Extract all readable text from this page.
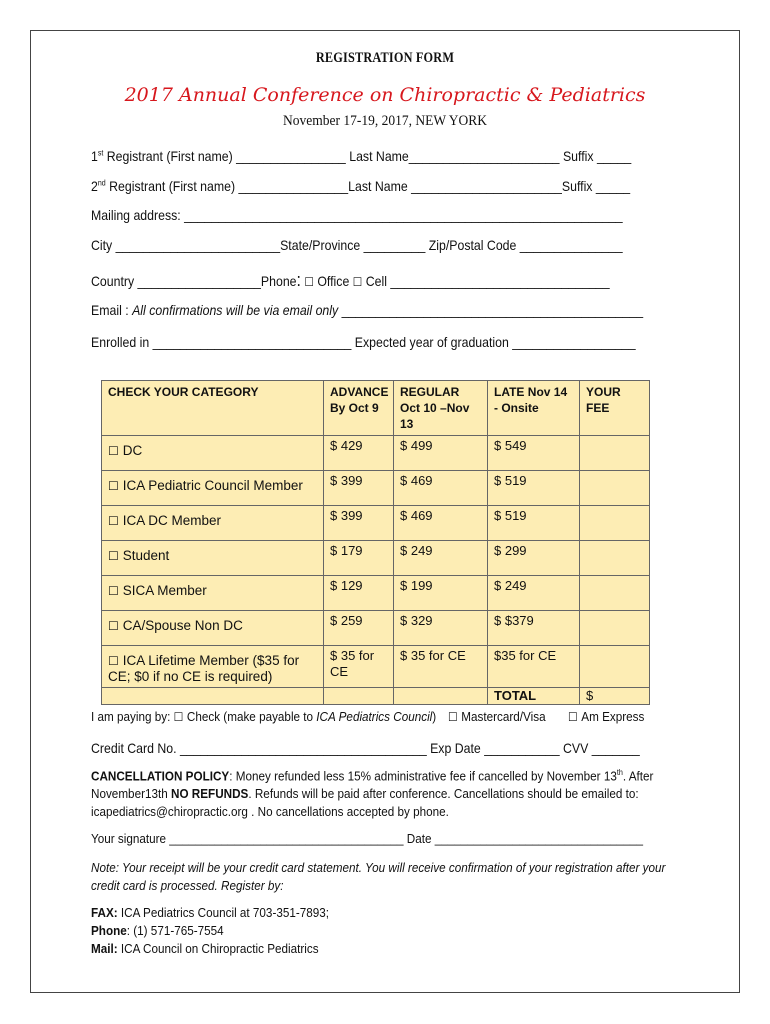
REGISTRATION FORM
2017 Annual Conference on Chiropractic & Pediatrics
November 17-19, 2017, NEW YORK
1st Registrant (First name) ________________ Last Name______________________ Suffix _____
2nd Registrant (First name) ________________Last Name ______________________Suffix _____
Mailing address: ________________________________________________________________
City ________________________State/Province _________ Zip/Postal Code _______________
Country __________________Phone: ☐ Office ☐ Cell ________________________________
Email : All confirmations will be via email only ____________________________________________
Enrolled in _____________________________ Expected year of graduation __________________
CHECK YOUR CATEGORY	ADVANCE By Oct 9	REGULAR Oct 10 –Nov 13	LATE Nov 14 - Onsite	YOUR FEE
☐ DC	$ 429	$ 499	$ 549	
☐ ICA Pediatric Council Member	$ 399	$ 469	$ 519	
☐ ICA DC Member	$ 399	$ 469	$ 519	
☐ Student	$ 179	$ 249	$ 299	
☐ SICA Member	$ 129	$ 199	$ 249	
☐ CA/Spouse Non DC	$ 259	$ 329	$ $379	
☐ ICA Lifetime Member ($35 for CE; $0 if no CE is required)	$ 35 for CE	$ 35 for CE	$35 for CE	
			TOTAL	$
I am paying by: ☐ Check (make payable to ICA Pediatrics Council) ☐ Mastercard/Visa ☐ Am Express
Credit Card No. ____________________________________ Exp Date ___________ CVV _______
CANCELLATION POLICY: Money refunded less 15% administrative fee if cancelled by November 13th. After
November13th NO REFUNDS. Refunds will be paid after conference. Cancellations should be emailed to:
icapediatrics@chiropractic.org . No cancellations accepted by phone.
Your signature ____________________________________ Date ________________________________
Note: Your receipt will be your credit card statement. You will receive confirmation of your registration after your
credit card is processed. Register by:
FAX: ICA Pediatrics Council at 703-351-7893;
Phone: (1) 571-765-7554
Mail: ICA Council on Chiropractic Pediatrics
